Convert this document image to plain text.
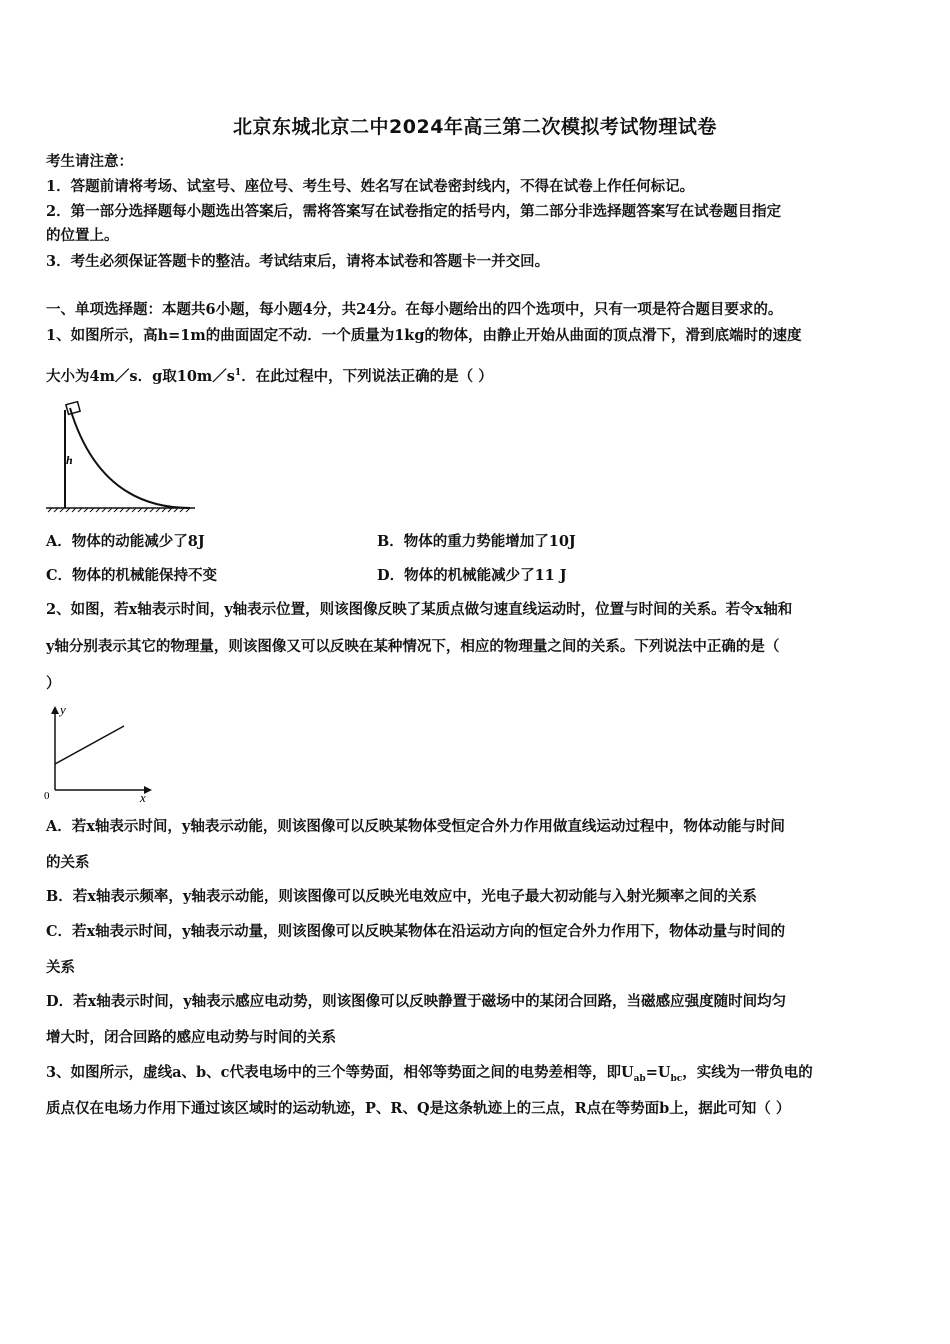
北京东城北京二中2024年高三第二次模拟考试物理试卷
考生请注意：
1．答题前请将考场、试室号、座位号、考生号、姓名写在试卷密封线内，不得在试卷上作任何标记。
2．第一部分选择题每小题选出答案后，需将答案写在试卷指定的括号内，第二部分非选择题答案写在试卷题目指定
的位置上。
3．考生必须保证答题卡的整洁。考试结束后，请将本试卷和答题卡一并交回。
一、单项选择题：本题共6小题，每小题4分，共24分。在每小题给出的四个选项中，只有一项是符合题目要求的。
1、如图所示，高h=1m的曲面固定不动．一个质量为1kg的物体，由静止开始从曲面的顶点滑下，滑到底端时的速度
大小为4m／s．g取$10m/s^1$．在此过程中，下列说法正确的是（ ）
h
A．物体的动能减少了8J	B．物体的重力势能增加了10J
C．物体的机械能保持不变	D．物体的机械能减少了11 J
2、如图，若x轴表示时间，y轴表示位置，则该图像反映了某质点做匀速直线运动时，位置与时间的关系。若令x轴和
y轴分别表示其它的物理量，则该图像又可以反映在某种情况下，相应的物理量之间的关系。下列说法中正确的是（
）
y
x
0
A．若x轴表示时间，y轴表示动能，则该图像可以反映某物体受恒定合外力作用做直线运动过程中，物体动能与时间
的关系
B．若x轴表示频率，y轴表示动能，则该图像可以反映光电效应中，光电子最大初动能与入射光频率之间的关系
C．若x轴表示时间，y轴表示动量，则该图像可以反映某物体在沿运动方向的恒定合外力作用下，物体动量与时间的
关系
D．若x轴表示时间，y轴表示感应电动势，则该图像可以反映静置于磁场中的某闭合回路，当磁感应强度随时间均匀
增大时，闭合回路的感应电动势与时间的关系
3、如图所示，虚线a、b、c代表电场中的三个等势面，相邻等势面之间的电势差相等，即$U_{ab}=U_{bc}$，实线为一带负电的
质点仅在电场力作用下通过该区域时的运动轨迹，P、R、Q是这条轨迹上的三点，R点在等势面b上，据此可知（ ）
